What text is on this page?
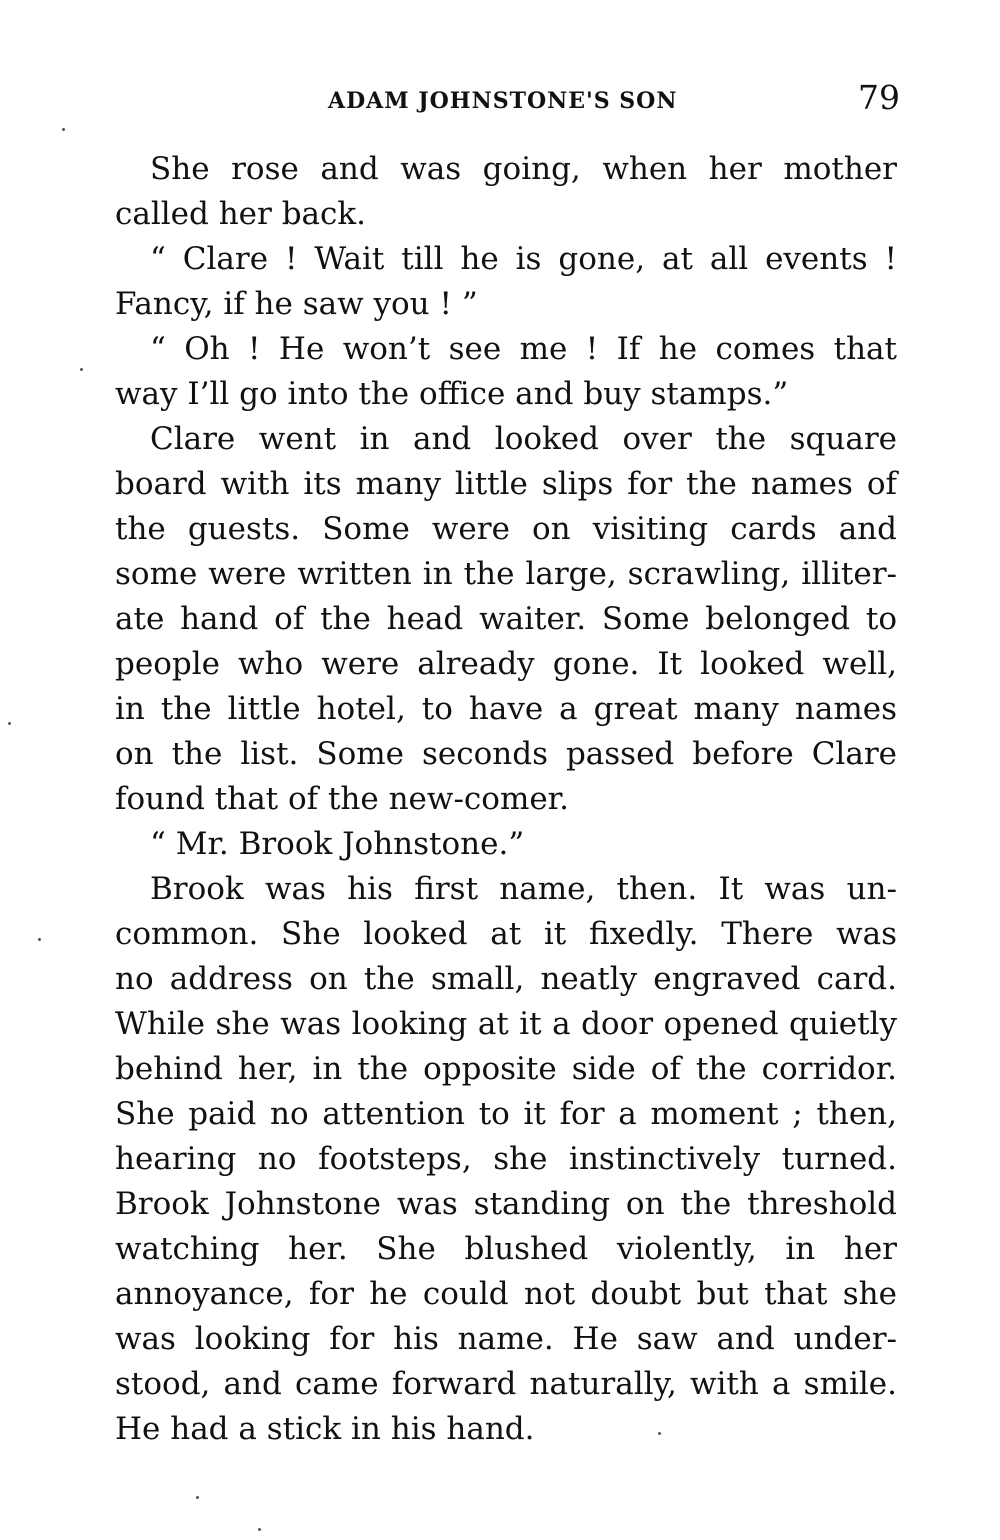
ADAM JOHNSTONE'S SON	79
She rose and was going, when her mother
called her back.
“ Clare ! Wait till he is gone, at all events !
Fancy, if he saw you ! ”
“ Oh ! He won’t see me ! If he comes that
way I’ll go into the office and buy stamps.”
Clare went in and looked over the square
board with its many little slips for the names of
the guests. Some were on visiting cards and
some were written in the large, scrawling, illiter-
ate hand of the head waiter. Some belonged to
people who were already gone. It looked well,
in the little hotel, to have a great many names
on the list. Some seconds passed before Clare
found that of the new-comer.
“ Mr. Brook Johnstone.”
Brook was his first name, then. It was un-
common. She looked at it fixedly. There was
no address on the small, neatly engraved card.
While she was looking at it a door opened quietly
behind her, in the opposite side of the corridor.
She paid no attention to it for a moment ; then,
hearing no footsteps, she instinctively turned.
Brook Johnstone was standing on the threshold
watching her. She blushed violently, in her
annoyance, for he could not doubt but that she
was looking for his name. He saw and under-
stood, and came forward naturally, with a smile.
He had a stick in his hand.
